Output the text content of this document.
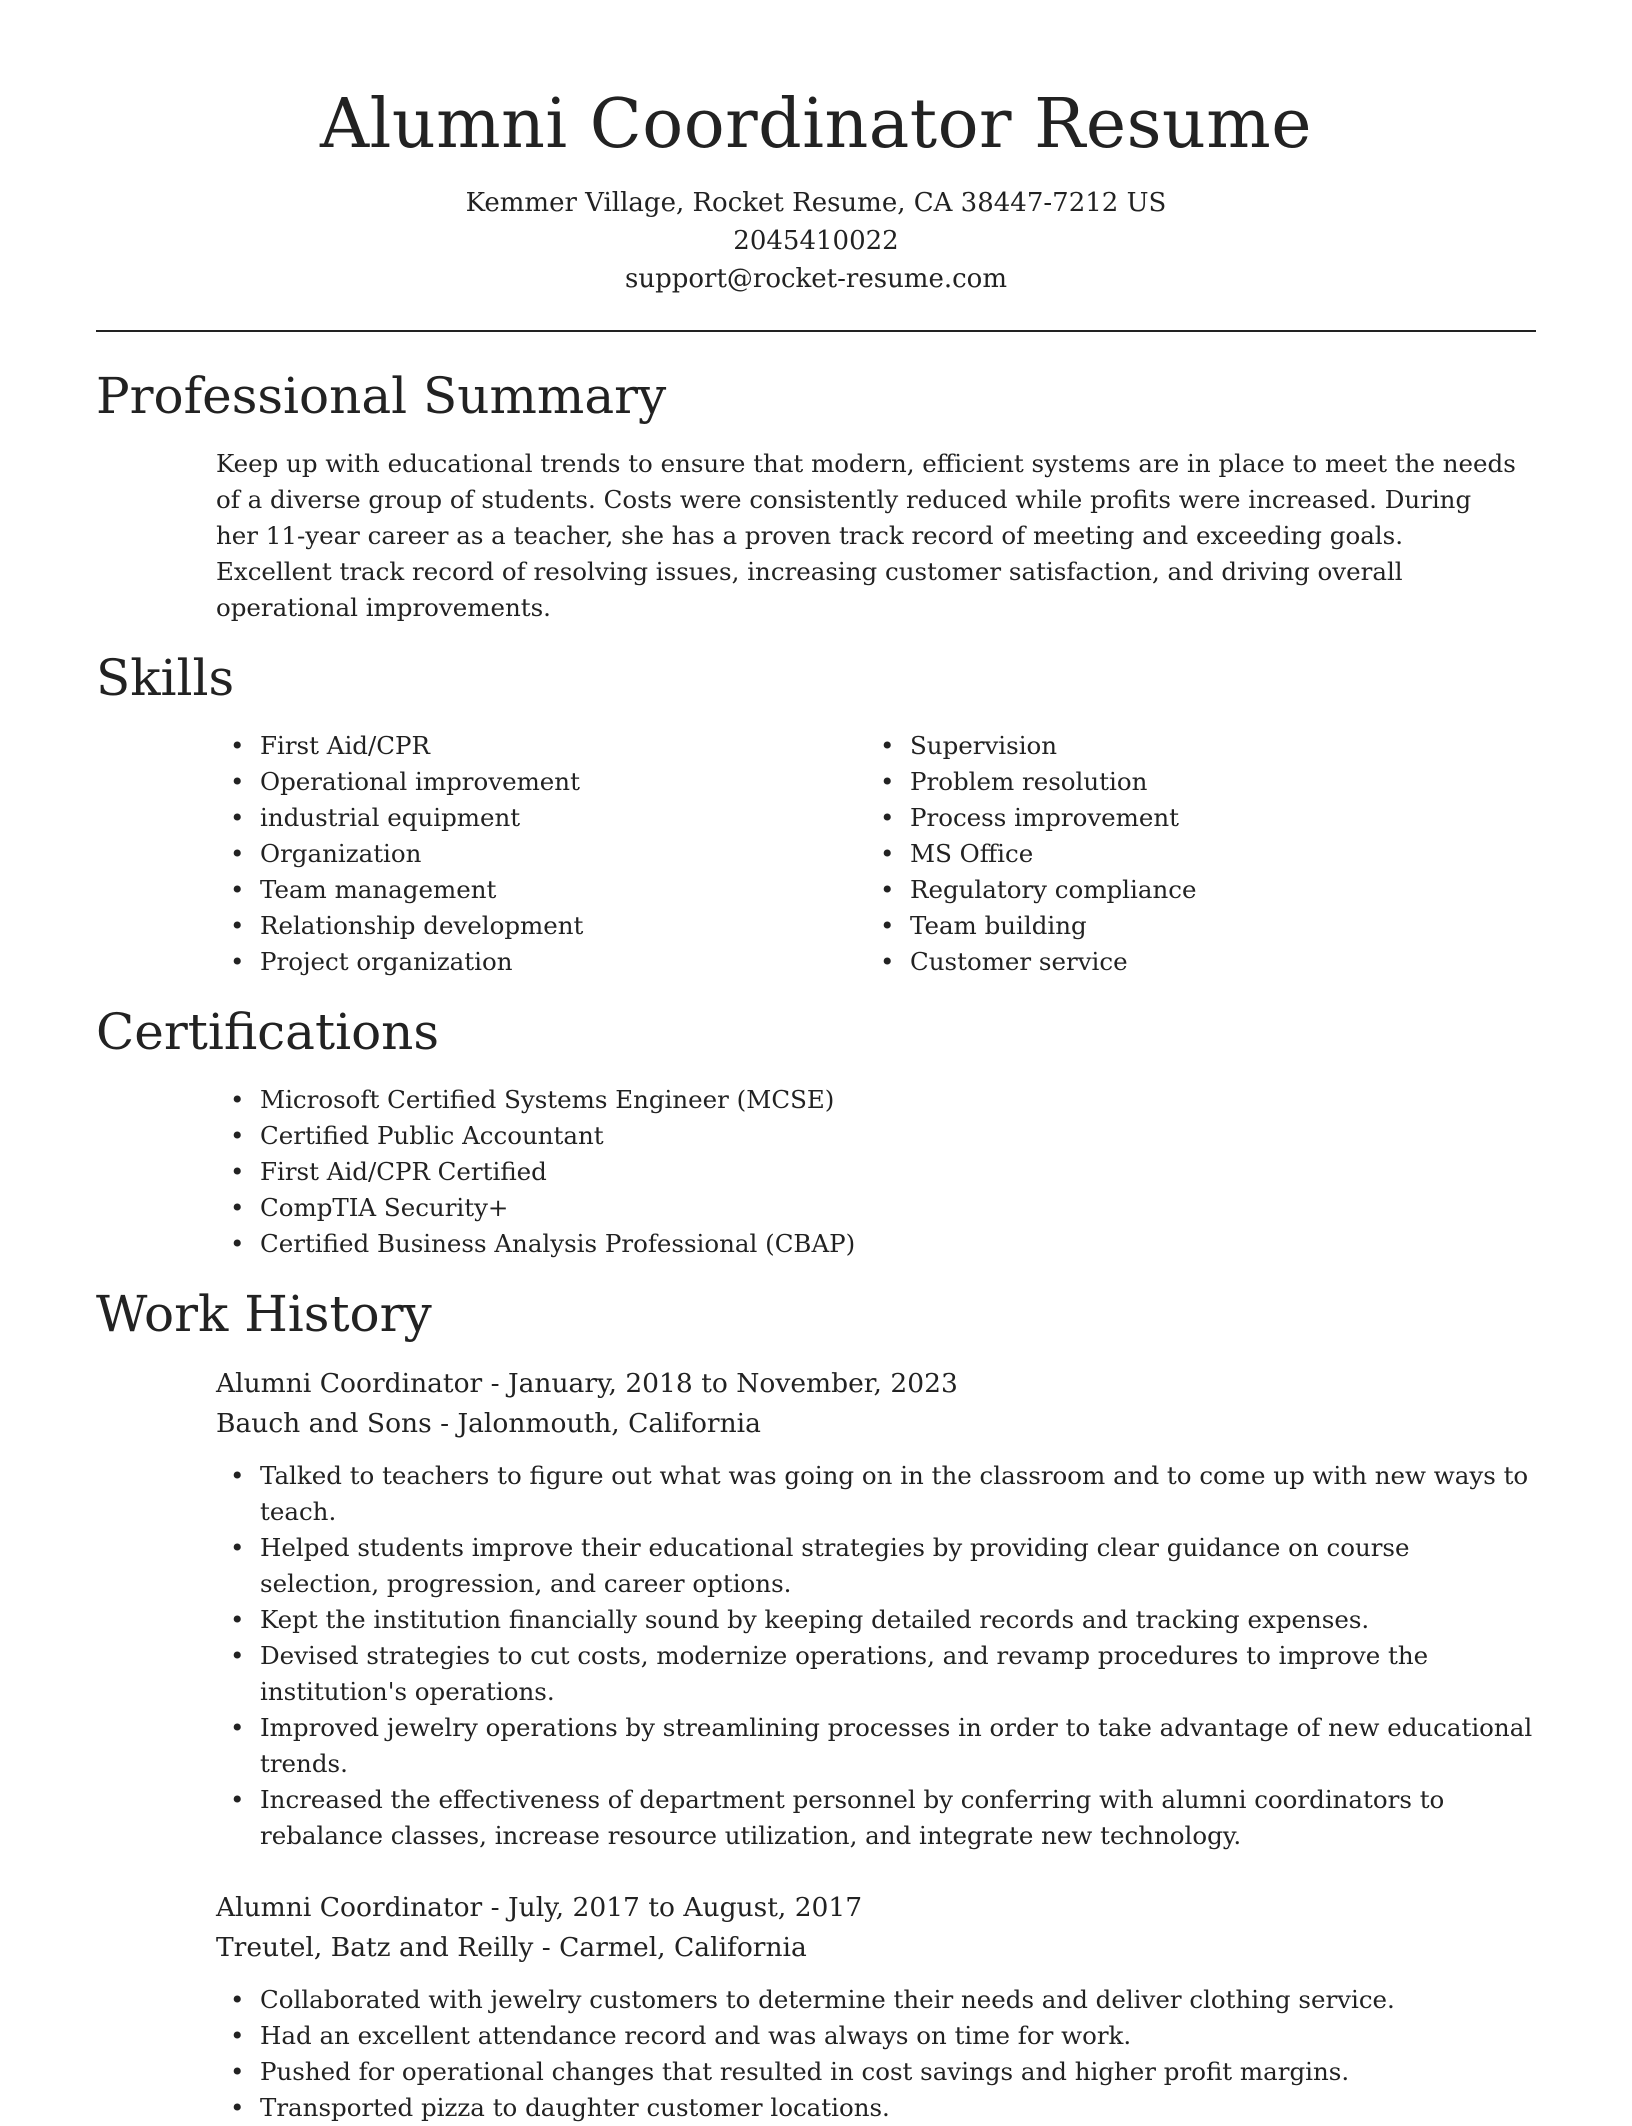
Alumni Coordinator Resume

Kemmer Village, Rocket Resume, CA 38447-7212 US

2045410022

support@rocket-resume.com

Professional Summary

Keep up with educational trends to ensure that modern, efficient systems are in place to meet the needs of a diverse group of students. Costs were consistently reduced while profits were increased. During her 11-year career as a teacher, she has a proven track record of meeting and exceeding goals. Excellent track record of resolving issues, increasing customer satisfaction, and driving overall operational improvements.

Skills
• First Aid/CPR
• Operational improvement
• industrial equipment
• Organization
• Team management
• Relationship development
• Project organization
• Supervision
• Problem resolution
• Process improvement
• MS Office
• Regulatory compliance
• Team building
• Customer service
Certifications
• Microsoft Certified Systems Engineer (MCSE)
• Certified Public Accountant
• First Aid/CPR Certified
• CompTIA Security+
• Certified Business Analysis Professional (CBAP)
Work History

Alumni Coordinator - January, 2018 to November, 2023

Bauch and Sons - Jalonmouth, California

• Talked to teachers to figure out what was going on in the classroom and to come up with new ways to teach.
• Helped students improve their educational strategies by providing clear guidance on course selection, progression, and career options.
• Kept the institution financially sound by keeping detailed records and tracking expenses.
• Devised strategies to cut costs, modernize operations, and revamp procedures to improve the institution's operations.
• Improved jewelry operations by streamlining processes in order to take advantage of new educational trends.
• Increased the effectiveness of department personnel by conferring with alumni coordinators to rebalance classes, increase resource utilization, and integrate new technology.

Alumni Coordinator - July, 2017 to August, 2017

Treutel, Batz and Reilly - Carmel, California

• Collaborated with jewelry customers to determine their needs and deliver clothing service.
• Had an excellent attendance record and was always on time for work.
• Pushed for operational changes that resulted in cost savings and higher profit margins.
• Transported pizza to daughter customer locations.
